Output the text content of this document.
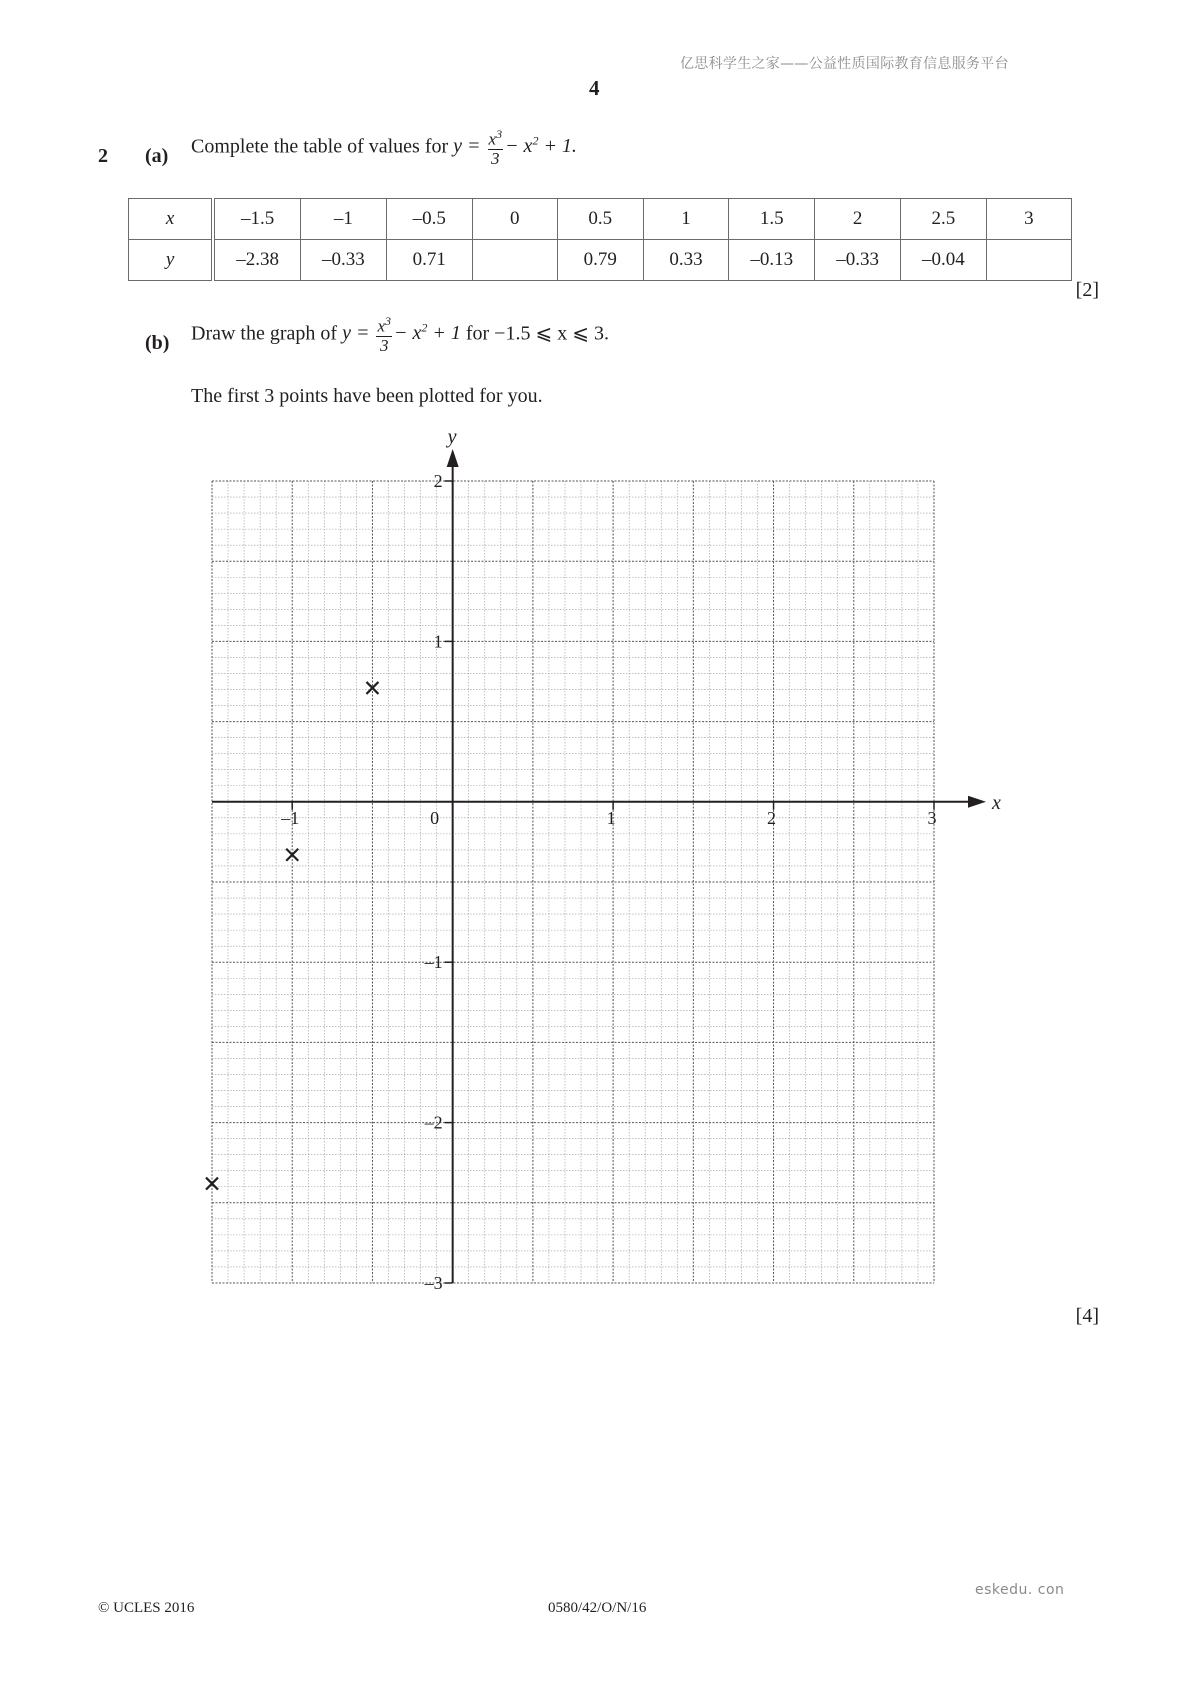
亿思科学生之家——公益性质国际教育信息服务平台
4
2 (a) Complete the table of values for $y = \frac{x^3}{3} - x^2 + 1$.
x	–1.5	–1	–0.5	0	0.5	1	1.5	2	2.5	3
y	–2.38	–0.33	0.71		0.79	0.33	–0.13	–0.33	–0.04	
[2]
(b) Draw the graph of $y = \frac{x^3}{3} - x^2 + 1$ for −1.5 ⩽ x ⩽ 3.
The first 3 points have been plotted for you.
x
y
–1	0	1	2	3
2
1
–1
–2
–3
[4]
eskedu. con
© UCLES 2016	0580/42/O/N/16
